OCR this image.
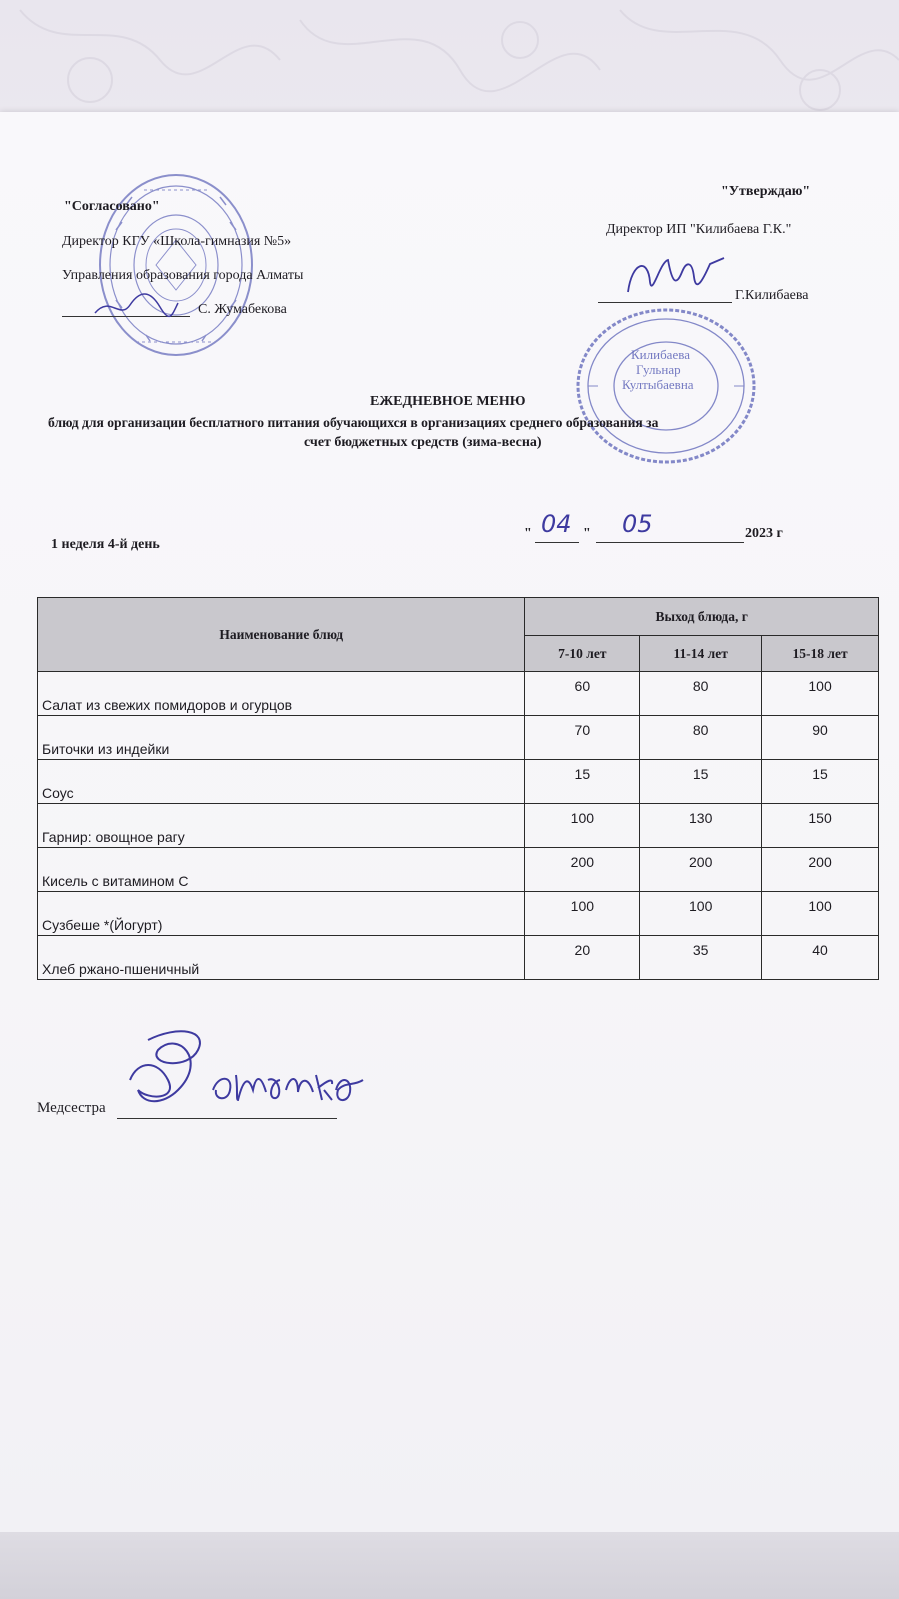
Килибаева
Гульнар
Култыбаевна
"Согласовано"
Директор КГУ «Школа-гимназия №5»
Управления образования города Алматы
С. Жумабекова
"Утверждаю"
Директор ИП "Килибаева Г.К."
Г.Килибаева
ЕЖЕДНЕВНОЕ МЕНЮ
блюд для организации бесплатного питания обучающихся в организациях среднего образования за
счет бюджетных средств (зима-весна)
1 неделя 4-й день
" 04 " 05	2023 г
Наименование блюд	Выход блюда, г		
	7-10 лет	11-14 лет	15-18 лет
Салат из свежих помидоров и огурцов	60	80	100
Биточки из индейки	70	80	90
Соус	15	15	15
Гарнир: овощное рагу	100	130	150
Кисель с витамином С	200	200	200
Сузбеше *(Йогурт)	100	100	100
Хлеб ржано-пшеничный	20	35	40
Медсестра
